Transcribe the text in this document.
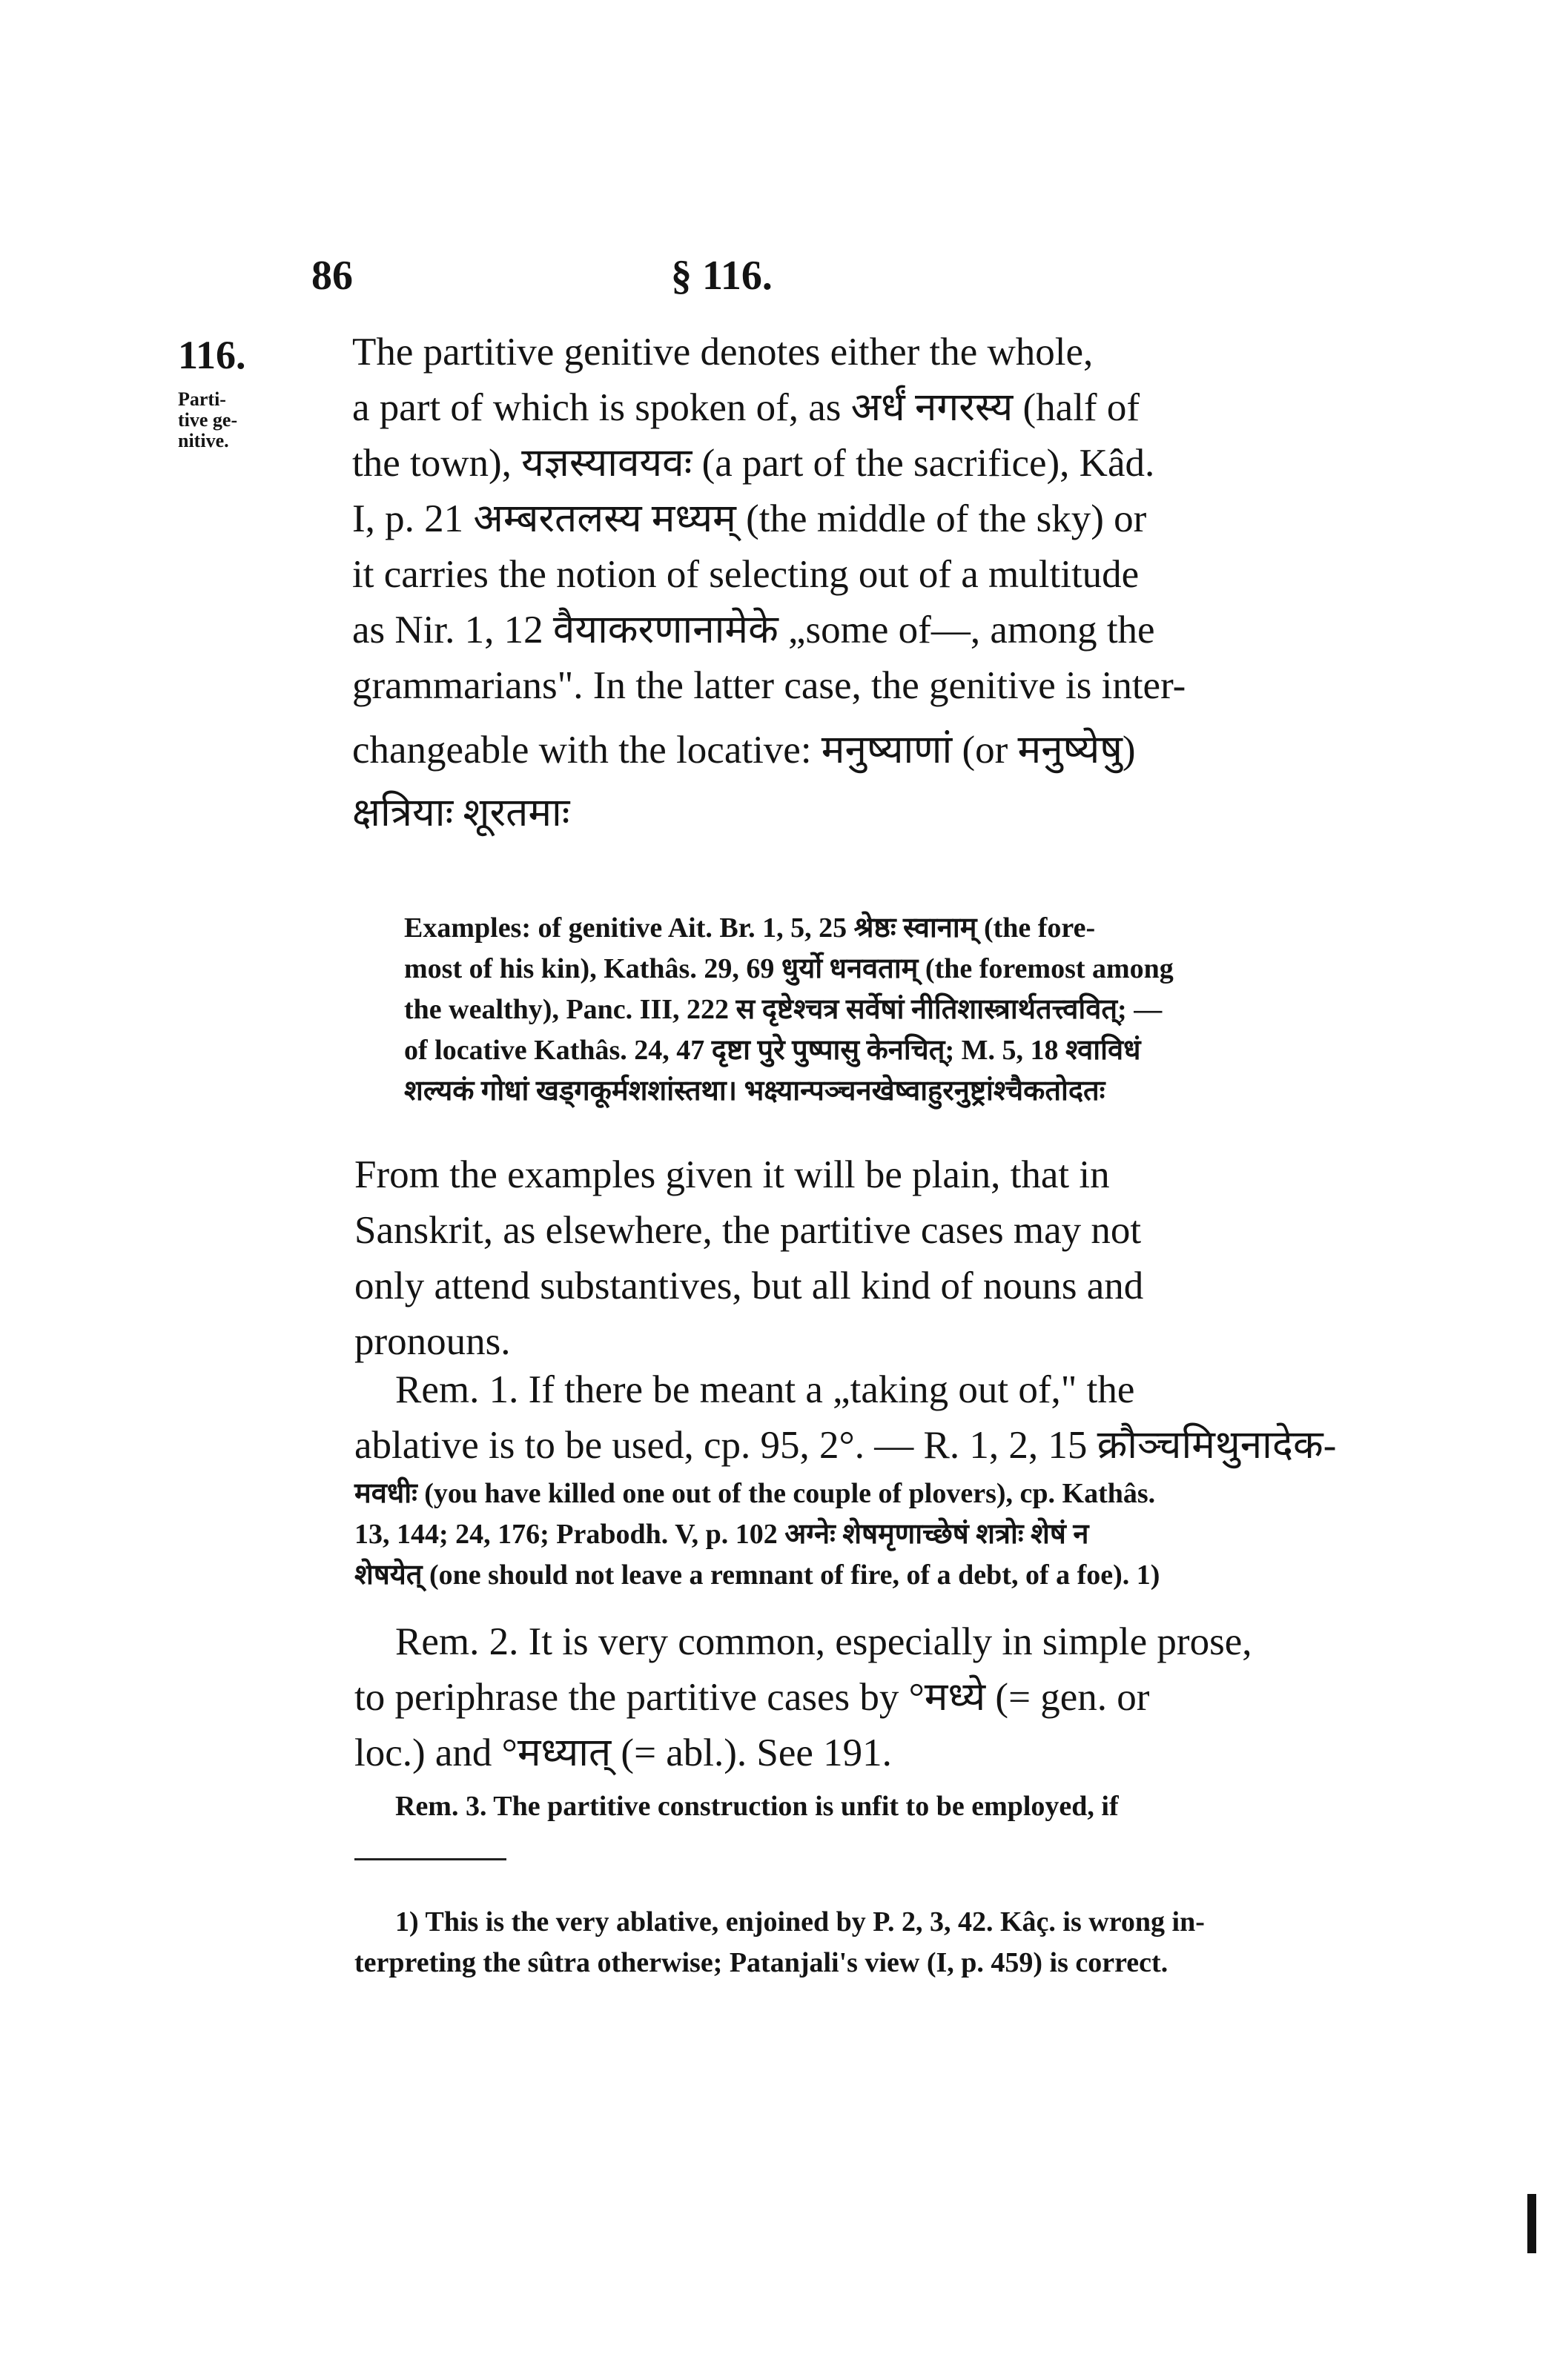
86	§ 116.
116.
Parti-
tive ge-
nitive.
The partitive genitive denotes either the whole,
a part of which is spoken of, as अर्धं नगरस्य (half of
the town), यज्ञस्यावयवः (a part of the sacrifice), Kâd.
I, p. 21 अम्बरतलस्य मध्यम् (the middle of the sky) or
it carries the notion of selecting out of a multitude
as Nir. 1, 12 वैयाकरणानामेके „some of—, among the
grammarians". In the latter case, the genitive is inter-
changeable with the locative: मनुष्याणां (or मनुष्येषु)
क्षत्रियाः शूरतमाः
Examples: of genitive Ait. Br. 1, 5, 25 श्रेष्ठः स्वानाम् (the fore-
most of his kin), Kathâs. 29, 69 धुर्यो धनवताम् (the foremost among
the wealthy), Panc. III, 222 स दृष्टेश्चत्र सर्वेषां नीतिशास्त्रार्थतत्त्ववित्; —
of locative Kathâs. 24, 47 दृष्टा पुरे पुष्पासु केनचित्; M. 5, 18 श्वाविधं
शल्यकं गोधां खड्गकूर्मशशांस्तथा। भक्ष्यान्पञ्चनखेष्वाहुरनुष्ट्रांश्चैकतोदतः
From the examples given it will be plain, that in
Sanskrit, as elsewhere, the partitive cases may not
only attend substantives, but all kind of nouns and
pronouns.
Rem. 1. If there be meant a „taking out of," the
ablative is to be used, cp. 95, 2°. — R. 1, 2, 15 क्रौञ्चमिथुनादेक-
मवधीः (you have killed one out of the couple of plovers), cp. Kathâs.
13, 144; 24, 176; Prabodh. V, p. 102 अग्नेः शेषमृणाच्छेषं शत्रोः शेषं न
शेषयेत् (one should not leave a remnant of fire, of a debt, of a foe). 1)
Rem. 2. It is very common, especially in simple prose,
to periphrase the partitive cases by °मध्ये (= gen. or
loc.) and °मध्यात् (= abl.). See 191.
Rem. 3. The partitive construction is unfit to be employed, if
1) This is the very ablative, enjoined by P. 2, 3, 42. Kâç. is wrong in-
terpreting the sûtra otherwise; Patanjali's view (I, p. 459) is correct.
